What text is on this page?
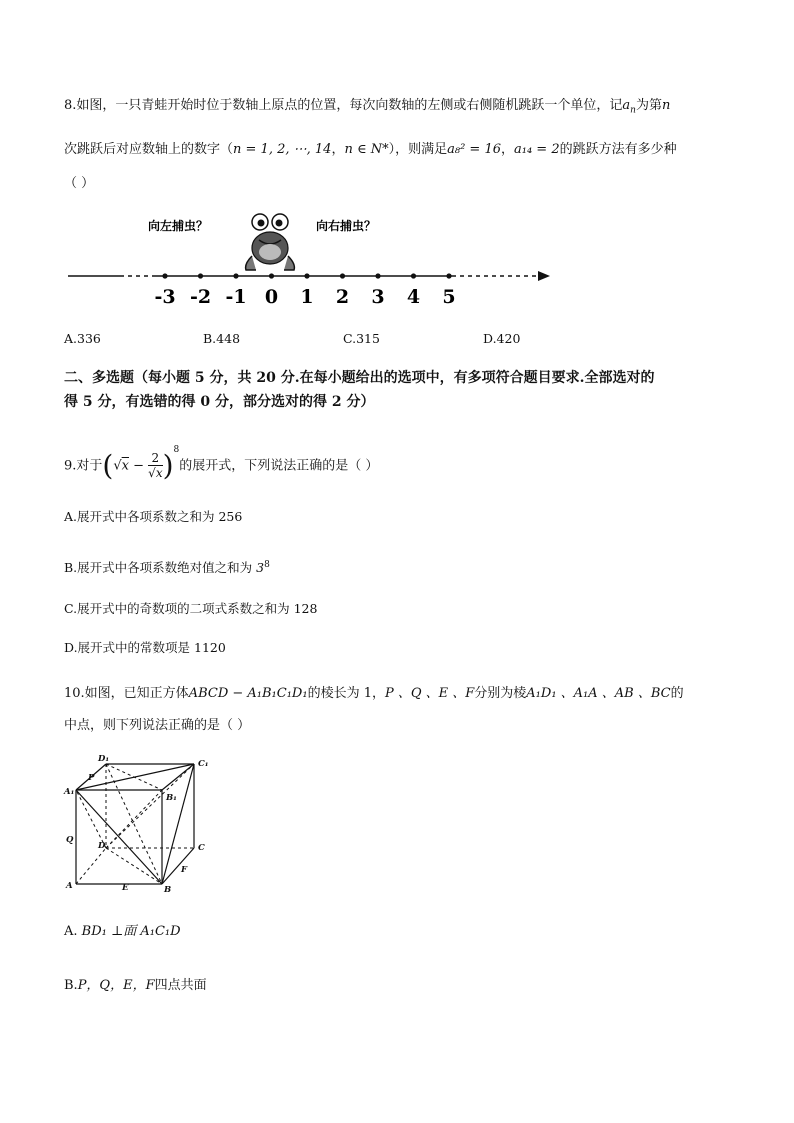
8.如图，一只青蛙开始时位于数轴上原点的位置，每次向数轴的左侧或右侧随机跳跃一个单位，记$a_n$为第n
次跳跃后对应数轴上的数字（n = 1, 2, ⋯, 14，n ∈ N*），则满足a₈² = 16，a₁₄ = 2的跳跃方法有多少种
（ ）
向左捕虫？	向右捕虫？
-3 -2 -1 0 1 2 3 4 5
A.336	B.448	C.315	D.420
二、多选题（每小题 5 分，共 20 分.在每小题给出的选项中，有多项符合题目要求.全部选对的
得 5 分，有选错的得 0 分，部分选对的得 2 分）
9.对于$(√x - \frac{2}{√x} )^8$的展开式，下列说法正确的是（ ）
A.展开式中各项系数之和为 256
B.展开式中各项系数绝对值之和为 $3^8$
C.展开式中的奇数项的二项式系数之和为 128
D.展开式中的常数项是 1120
10.如图，已知正方体ABCD − A₁B₁C₁D₁的棱长为 1，P 、Q 、E 、F分别为棱A₁D₁ 、A₁A 、AB 、BC的
中点，则下列说法正确的是（ ）
D₁	C₁
P
A₁
B₁
Q
D	C
F
A	E	B
A. BD₁ ⊥面 A₁C₁D
B.P，Q，E，F四点共面
